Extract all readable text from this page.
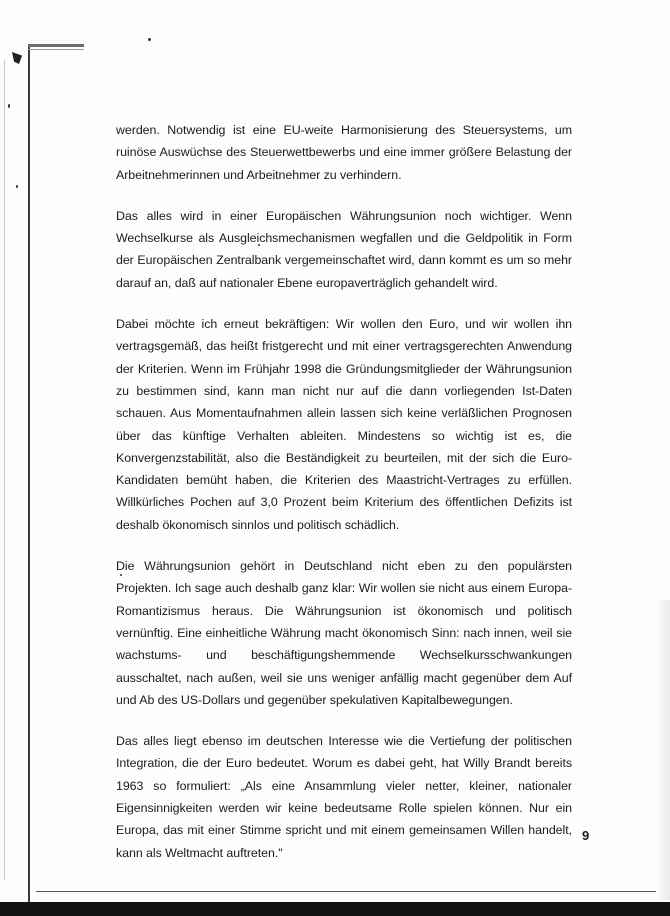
werden. Notwendig ist eine EU-weite Harmonisierung des Steuersystems, um ruinöse Auswüchse des Steuerwettbewerbs und eine immer größere Belastung der Arbeitnehmerinnen und Arbeitnehmer zu verhindern.

Das alles wird in einer Europäischen Währungsunion noch wichtiger. Wenn Wechselkurse als Ausgleichsmechanismen wegfallen und die Geldpolitik in Form der Europäischen Zentralbank vergemeinschaftet wird, dann kommt es um so mehr darauf an, daß auf nationaler Ebene europaverträglich gehandelt wird.

Dabei möchte ich erneut bekräftigen: Wir wollen den Euro, und wir wollen ihn vertragsgemäß, das heißt fristgerecht und mit einer vertragsgerechten Anwendung der Kriterien. Wenn im Frühjahr 1998 die Gründungsmitglieder der Währungsunion zu bestimmen sind, kann man nicht nur auf die dann vorliegenden Ist-Daten schauen. Aus Momentaufnahmen allein lassen sich keine verläßlichen Prognosen über das künftige Verhalten ableiten. Mindestens so wichtig ist es, die Konvergenzstabilität, also die Beständigkeit zu beurteilen, mit der sich die Euro-Kandidaten bemüht haben, die Kriterien des Maastricht-Vertrages zu erfüllen. Willkürliches Pochen auf 3,0 Prozent beim Kriterium des öffentlichen Defizits ist deshalb ökonomisch sinnlos und politisch schädlich.

Die Währungsunion gehört in Deutschland nicht eben zu den populärsten Projekten. Ich sage auch deshalb ganz klar: Wir wollen sie nicht aus einem Europa-Romantizismus heraus. Die Währungsunion ist ökonomisch und politisch vernünftig. Eine einheitliche Währung macht ökonomisch Sinn: nach innen, weil sie wachstums- und beschäftigungshemmende Wechselkursschwankungen ausschaltet, nach außen, weil sie uns weniger anfällig macht gegenüber dem Auf und Ab des US-Dollars und gegenüber spekulativen Kapitalbewegungen.

Das alles liegt ebenso im deutschen Interesse wie die Vertiefung der politischen Integration, die der Euro bedeutet. Worum es dabei geht, hat Willy Brandt bereits 1963 so formuliert: „Als eine Ansammlung vieler netter, kleiner, nationaler Eigensinnigkeiten werden wir keine bedeutsame Rolle spielen können. Nur ein Europa, das mit einer Stimme spricht und mit einem gemeinsamen Willen handelt, kann als Weltmacht auftreten."

9
